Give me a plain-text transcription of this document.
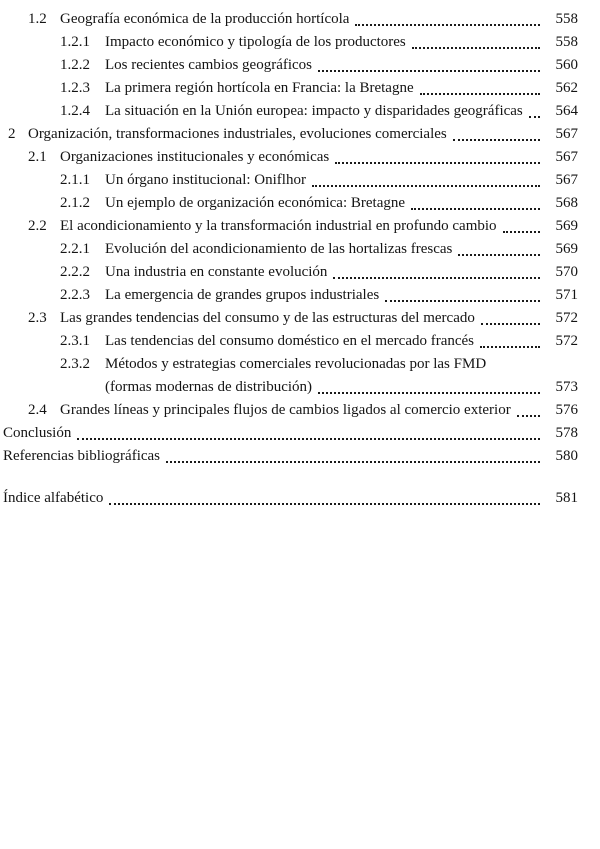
1.2 Geografía económica de la producción hortícola	558
1.2.1	Impacto económico y tipología de los productores	558
1.2.2	Los recientes cambios geográficos	560
1.2.3	La primera región hortícola en Francia: la Bretagne	562
1.2.4	La situación en la Unión europea: impacto y disparidades geográficas	564
2 Organización, transformaciones industriales, evoluciones comerciales	567
2.1 Organizaciones institucionales y económicas	567
2.1.1	Un órgano institucional: Oniflhor	567
2.1.2	Un ejemplo de organización económica: Bretagne	568
2.2 El acondicionamiento y la transformación industrial en profundo cambio	569
2.2.1	Evolución del acondicionamiento de las hortalizas frescas	569
2.2.2	Una industria en constante evolución	570
2.2.3	La emergencia de grandes grupos industriales	571
2.3 Las grandes tendencias del consumo y de las estructuras del mercado	572
2.3.1	Las tendencias del consumo doméstico en el mercado francés	572
2.3.2	Métodos y estrategias comerciales revolucionadas por las FMD
(formas modernas de distribución)	573
2.4 Grandes líneas y principales flujos de cambios ligados al comercio exterior	576
Conclusión	578
Referencias bibliográficas	580
Índice alfabético	581
